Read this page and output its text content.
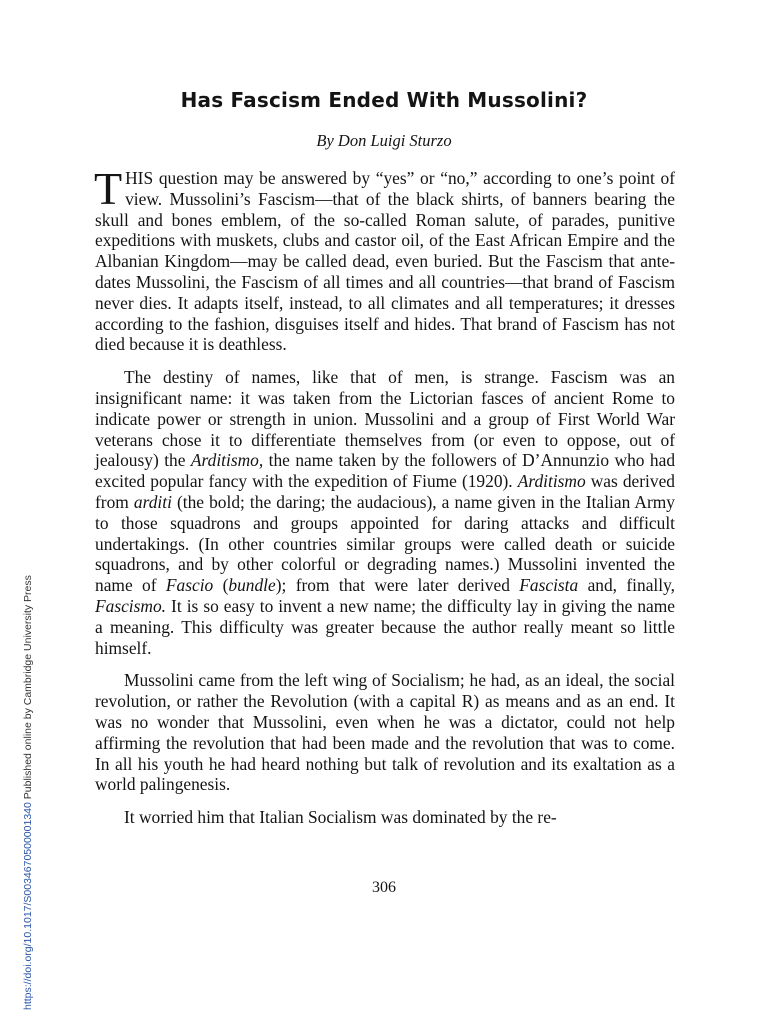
Has Fascism Ended With Mussolini?

By Don Luigi Sturzo

THIS question may be answered by “yes” or “no,” according to one’s point of view. Mussolini’s Fascism—that of the black shirts, of banners bearing the skull and bones emblem, of the so-called Roman salute, of parades, punitive expeditions with muskets, clubs and castor oil, of the East African Empire and the Albanian Kingdom—may be called dead, even buried. But the Fascism that ante-dates Mussolini, the Fascism of all times and all countries—that brand of Fascism never dies. It adapts itself, instead, to all climates and all temperatures; it dresses according to the fashion, disguises itself and hides. That brand of Fascism has not died because it is deathless.

The destiny of names, like that of men, is strange. Fascism was an insignificant name: it was taken from the Lictorian fasces of ancient Rome to indicate power or strength in union. Mussolini and a group of First World War veterans chose it to differentiate themselves from (or even to oppose, out of jealousy) the Arditismo, the name taken by the followers of D’Annunzio who had excited popular fancy with the expedition of Fiume (1920). Arditismo was derived from arditi (the bold; the daring; the audacious), a name given in the Italian Army to those squadrons and groups appointed for daring attacks and difficult undertakings. (In other countries similar groups were called death or suicide squadrons, and by other colorful or degrading names.) Mussolini invented the name of Fascio (bundle); from that were later derived Fascista and, finally, Fascismo. It is so easy to invent a new name; the difficulty lay in giving the name a meaning. This difficulty was greater because the author really meant so little himself.

Mussolini came from the left wing of Socialism; he had, as an ideal, the social revolution, or rather the Revolution (with a capital R) as means and as an end. It was no wonder that Mussolini, even when he was a dictator, could not help affirming the revolution that had been made and the revolution that was to come. In all his youth he had heard nothing but talk of revolution and its exaltation as a world palingenesis.

It worried him that Italian Socialism was dominated by the re-

306

https://doi.org/10.1017/S0034670500001340 Published online by Cambridge University Press
